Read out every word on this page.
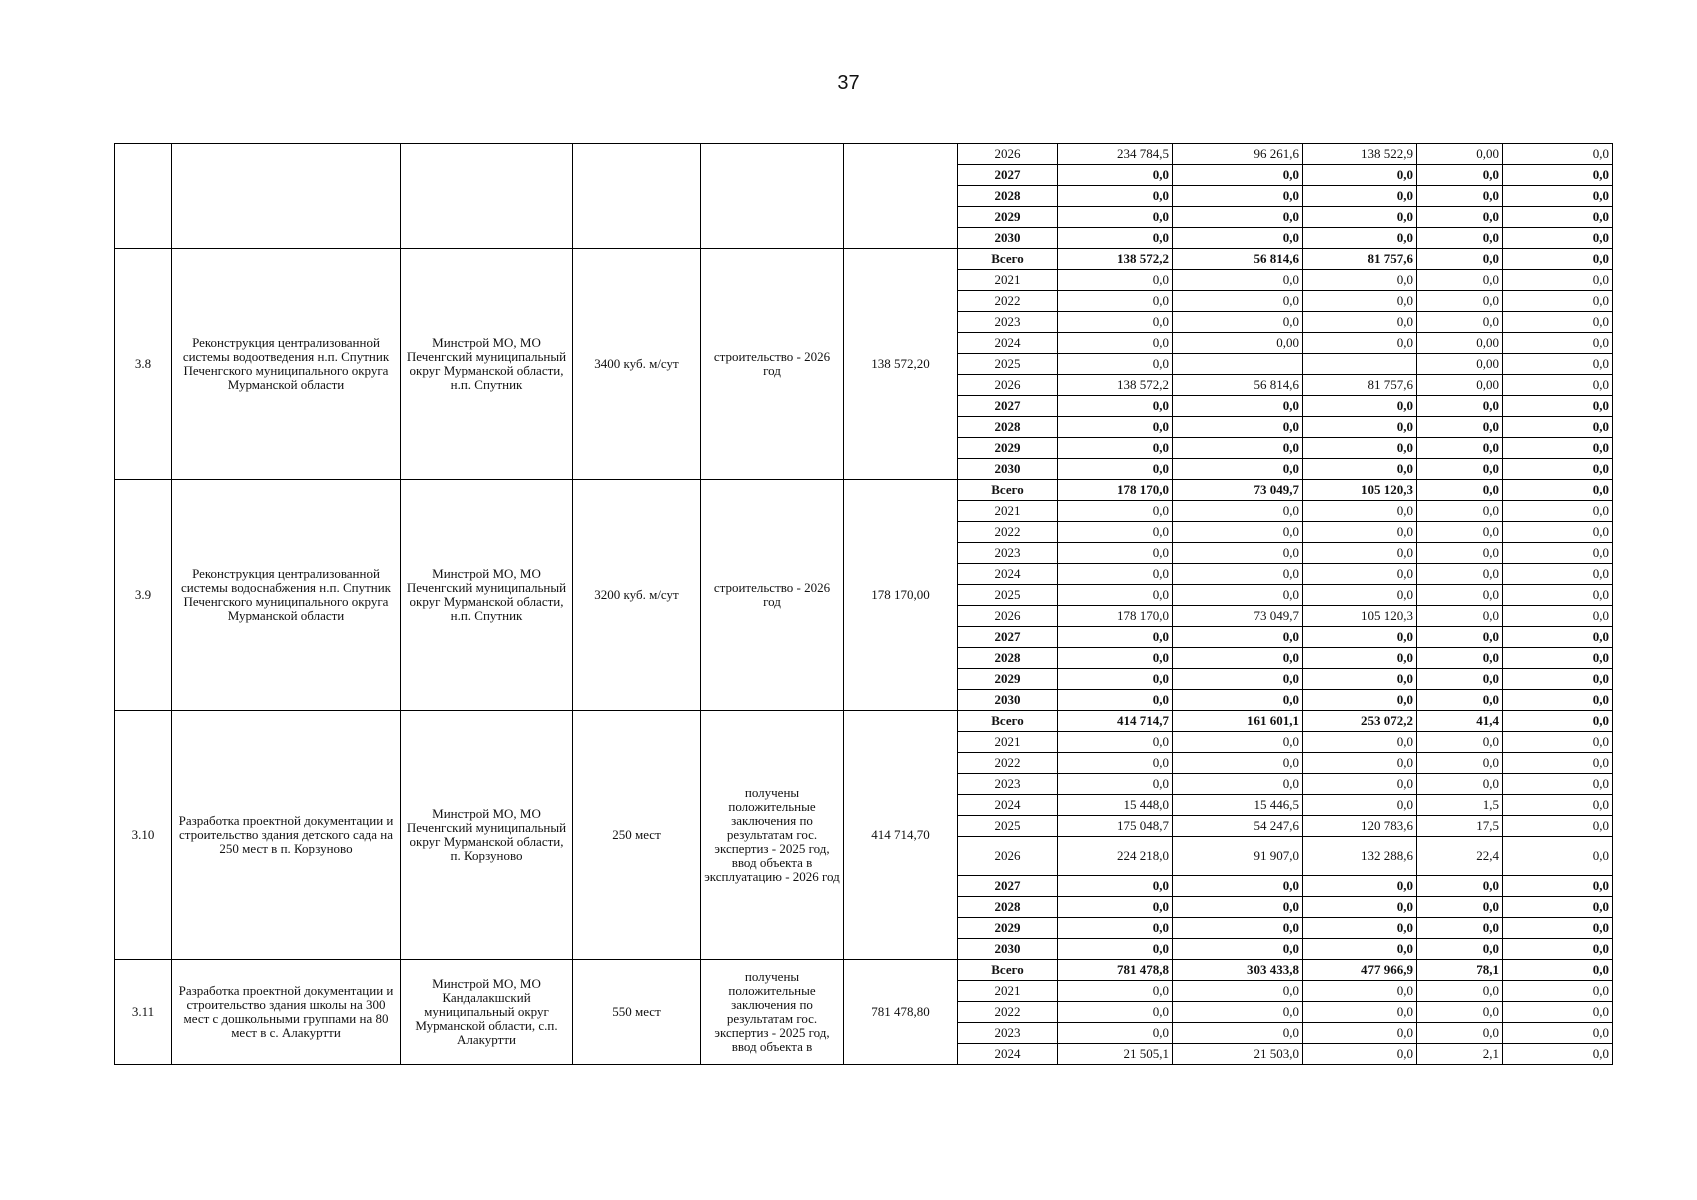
37
						2026	234 784,5	96 261,6	138 522,9	0,00	0,0
						2027	0,0	0,0	0,0	0,0	0,0
						2028	0,0	0,0	0,0	0,0	0,0
						2029	0,0	0,0	0,0	0,0	0,0
						2030	0,0	0,0	0,0	0,0	0,0
3.8	Реконструкция централизованной системы водоотведения н.п. Спутник Печенгского муниципального округа Мурманской области	Минстрой МО, МО Печенгский муниципальный округ Мурманской области, н.п. Спутник	3400 куб. м/сут	строительство - 2026 год	138 572,20	Всего	138 572,2	56 814,6	81 757,6	0,0	0,0
						2021	0,0	0,0	0,0	0,0	0,0
						2022	0,0	0,0	0,0	0,0	0,0
						2023	0,0	0,0	0,0	0,0	0,0
						2024	0,0	0,00	0,0	0,00	0,0
						2025	0,0			0,00	0,0
						2026	138 572,2	56 814,6	81 757,6	0,00	0,0
						2027	0,0	0,0	0,0	0,0	0,0
						2028	0,0	0,0	0,0	0,0	0,0
						2029	0,0	0,0	0,0	0,0	0,0
						2030	0,0	0,0	0,0	0,0	0,0
3.9	Реконструкция централизованной системы водоснабжения н.п. Спутник Печенгского муниципального округа Мурманской области	Минстрой МО, МО Печенгский муниципальный округ Мурманской области, н.п. Спутник	3200 куб. м/сут	строительство - 2026 год	178 170,00	Всего	178 170,0	73 049,7	105 120,3	0,0	0,0
						2021	0,0	0,0	0,0	0,0	0,0
						2022	0,0	0,0	0,0	0,0	0,0
						2023	0,0	0,0	0,0	0,0	0,0
						2024	0,0	0,0	0,0	0,0	0,0
						2025	0,0	0,0	0,0	0,0	0,0
						2026	178 170,0	73 049,7	105 120,3	0,0	0,0
						2027	0,0	0,0	0,0	0,0	0,0
						2028	0,0	0,0	0,0	0,0	0,0
						2029	0,0	0,0	0,0	0,0	0,0
						2030	0,0	0,0	0,0	0,0	0,0
3.10	Разработка проектной документации и строительство здания детского сада на 250 мест в п. Корзуново	Минстрой МО, МО Печенгский муниципальный округ Мурманской области, п. Корзуново	250 мест	получены положительные заключения по результатам гос. экспертиз - 2025 год, ввод объекта в эксплуатацию - 2026 год	414 714,70	Всего	414 714,7	161 601,1	253 072,2	41,4	0,0
						2021	0,0	0,0	0,0	0,0	0,0
						2022	0,0	0,0	0,0	0,0	0,0
						2023	0,0	0,0	0,0	0,0	0,0
						2024	15 448,0	15 446,5	0,0	1,5	0,0
						2025	175 048,7	54 247,6	120 783,6	17,5	0,0
						2026	224 218,0	91 907,0	132 288,6	22,4	0,0
						2027	0,0	0,0	0,0	0,0	0,0
						2028	0,0	0,0	0,0	0,0	0,0
						2029	0,0	0,0	0,0	0,0	0,0
						2030	0,0	0,0	0,0	0,0	0,0
3.11	Разработка проектной документации и строительство здания школы на 300 мест с дошкольными группами на 80 мест в с. Алакуртти	Минстрой МО, МО Кандалакшский муниципальный округ Мурманской области, с.п. Алакуртти	550 мест	получены положительные заключения по результатам гос. экспертиз - 2025 год, ввод объекта в	781 478,80	Всего	781 478,8	303 433,8	477 966,9	78,1	0,0
						2021	0,0	0,0	0,0	0,0	0,0
						2022	0,0	0,0	0,0	0,0	0,0
						2023	0,0	0,0	0,0	0,0	0,0
						2024	21 505,1	21 503,0	0,0	2,1	0,0
